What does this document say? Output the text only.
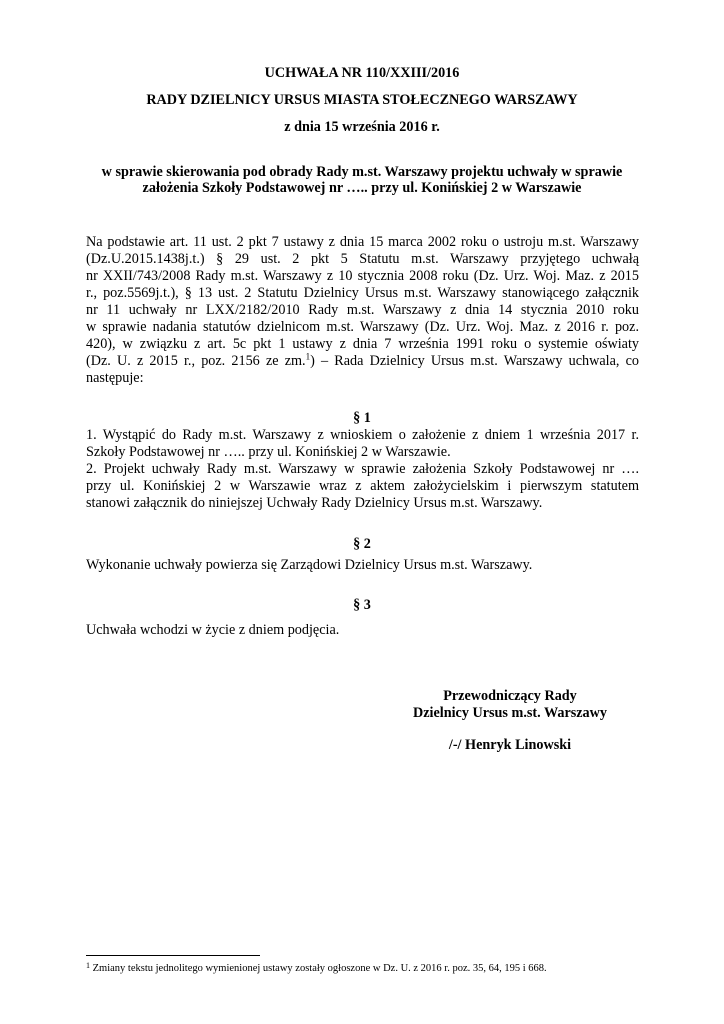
UCHWAŁA NR 110/XXIII/2016
RADY DZIELNICY URSUS MIASTA STOŁECZNEGO WARSZAWY
z dnia 15 września 2016 r.
w sprawie skierowania pod obrady Rady m.st. Warszawy projektu uchwały w sprawie
założenia Szkoły Podstawowej nr ….. przy ul. Konińskiej 2 w Warszawie
Na podstawie art. 11 ust. 2 pkt 7 ustawy z dnia 15 marca 2002 roku o ustroju m.st. Warszawy
(Dz.U.2015.1438j.t.) § 29 ust. 2 pkt 5 Statutu m.st. Warszawy przyjętego uchwałą
nr XXII/743/2008 Rady m.st. Warszawy z 10 stycznia 2008 roku (Dz. Urz. Woj. Maz. z 2015
r., poz.5569j.t.), § 13 ust. 2 Statutu Dzielnicy Ursus m.st. Warszawy stanowiącego załącznik
nr 11 uchwały nr LXX/2182/2010 Rady m.st. Warszawy z dnia 14 stycznia 2010 roku
w sprawie nadania statutów dzielnicom m.st. Warszawy (Dz. Urz. Woj. Maz. z 2016 r. poz.
420), w związku z art. 5c pkt 1 ustawy z dnia 7 września 1991 roku o systemie oświaty
(Dz. U. z 2015 r., poz. 2156 ze zm.$^1$) – Rada Dzielnicy Ursus m.st. Warszawy uchwala, co
następuje:
§ 1
1. Wystąpić do Rady m.st. Warszawy z wnioskiem o założenie z dniem 1 września 2017 r.
Szkoły Podstawowej nr ….. przy ul. Konińskiej 2 w Warszawie.
2. Projekt uchwały Rady m.st. Warszawy w sprawie założenia Szkoły Podstawowej nr ….
przy ul. Konińskiej 2 w Warszawie wraz z aktem założycielskim i pierwszym statutem
stanowi załącznik do niniejszej Uchwały Rady Dzielnicy Ursus m.st. Warszawy.
§ 2
Wykonanie uchwały powierza się Zarządowi Dzielnicy Ursus m.st. Warszawy.
§ 3
Uchwała wchodzi w życie z dniem podjęcia.
Przewodniczący Rady
Dzielnicy Ursus m.st. Warszawy
/-/ Henryk Linowski
$^1$ Zmiany tekstu jednolitego wymienionej ustawy zostały ogłoszone w Dz. U. z 2016 r. poz. 35, 64, 195 i 668.
